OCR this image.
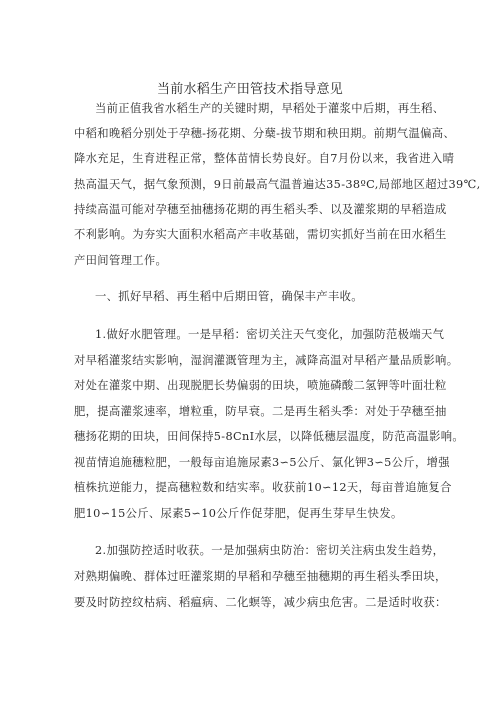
当前水稻生产田管技术指导意见
当前正值我省水稻生产的关键时期，早稻处于灌浆中后期，再生稻、
中稻和晚稻分别处于孕穗-扬花期、分蘖-拔节期和秧田期。前期气温偏高、
降水充足，生育进程正常，整体苗情长势良好。自7月份以来，我省进入晴
热高温天气，据气象预测，9日前最高气温普遍达35-38ºC,局部地区超过39℃,
持续高温可能对孕穗至抽穗扬花期的再生稻头季、以及灌浆期的早稻造成
不利影响。为夯实大面积水稻高产丰收基础，需切实抓好当前在田水稻生
产田间管理工作。
一、抓好早稻、再生稻中后期田管，确保丰产丰收。
1.做好水肥管理。一是早稻：密切关注天气变化，加强防范极端天气
对早稻灌浆结实影响，湿润灌溉管理为主，减降高温对早稻产量品质影响。
对处在灌浆中期、出现脱肥长势偏弱的田块，喷施磷酸二氢钾等叶面壮粒
肥，提高灌浆速率，增粒重，防早衰。二是再生稻头季：对处于孕穗至抽
穗扬花期的田块，田间保持5-8CnI水层，以降低穗层温度，防范高温影响。
视苗情追施穗粒肥，一般每亩追施尿素3∽5公斤、氯化钾3∽5公斤，增强
植株抗逆能力，提高穗粒数和结实率。收获前10∽12天，每亩普追施复合
肥10∽15公斤、尿素5∽10公斤作促芽肥，促再生芽早生快发。
2.加强防控适时收获。一是加强病虫防治：密切关注病虫发生趋势，
对熟期偏晚、群体过旺灌浆期的早稻和孕穗至抽穗期的再生稻头季田块，
要及时防控纹枯病、稻瘟病、二化螟等，减少病虫危害。二是适时收获：
